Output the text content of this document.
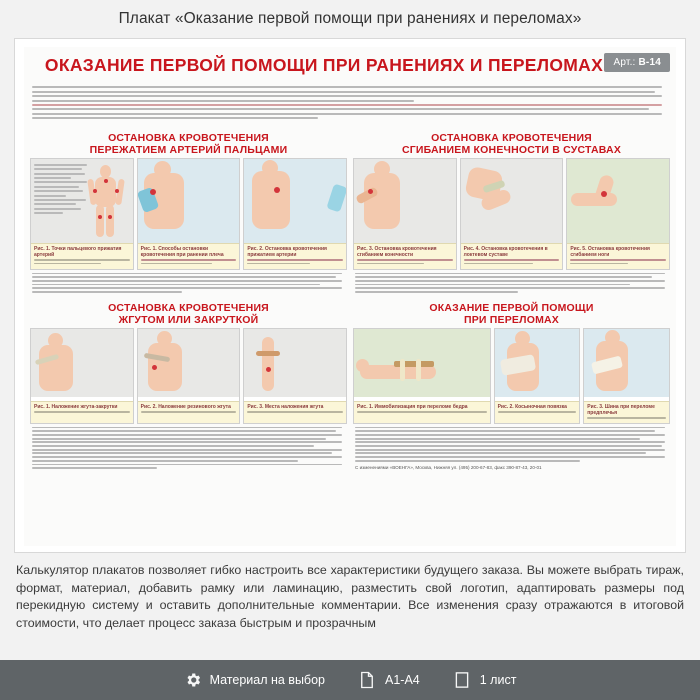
Плакат «Оказание первой помощи при ранениях и переломах»
Арт.: В-14
ОКАЗАНИЕ ПЕРВОЙ ПОМОЩИ ПРИ РАНЕНИЯХ И ПЕРЕЛОМАХ
ОСТАНОВКА КРОВОТЕЧЕНИЯ
ПЕРЕЖАТИЕМ АРТЕРИЙ ПАЛЬЦАМИ
Рис. 1. Точки пальцевого прижатия артерий
Рис. 1. Способы остановки кровотечения при ранении плеча
Рис. 2. Остановка кровотечения прижатием артерии
ОСТАНОВКА КРОВОТЕЧЕНИЯ
СГИБАНИЕМ КОНЕЧНОСТИ В СУСТАВАХ
Рис. 3. Остановка кровотечения сгибанием конечности
Рис. 4. Остановка кровотечения в локтевом суставе
Рис. 5. Остановка кровотечения сгибанием ноги
ОСТАНОВКА КРОВОТЕЧЕНИЯ
ЖГУТОМ ИЛИ ЗАКРУТКОЙ
Рис. 1. Наложение жгута-закрутки	Рис. 2. Наложение резинового жгута	Рис. 3. Места наложения жгута
ОКАЗАНИЕ ПЕРВОЙ ПОМОЩИ
ПРИ ПЕРЕЛОМАХ
Рис. 1. Иммобилизация при переломе бедра	Рис. 2. Косыночная повязка	Рис. 3. Шина при переломе предплечья
С изменениями «ВОЕНГА», Москва, Нижняя ул. (495) 200-67-83, факс 390-87-43, 20-01
Калькулятор плакатов позволяет гибко настроить все характеристики будущего заказа. Вы можете выбрать тираж, формат, материал, добавить рамку или ламинацию, разместить свой логотип, адаптировать размеры под перекидную систему и оставить дополнительные комментарии. Все изменения сразу отражаются в итоговой стоимости, что делает процесс заказа быстрым и прозрачным
Материал на выбор	A1-A4	1 лист
